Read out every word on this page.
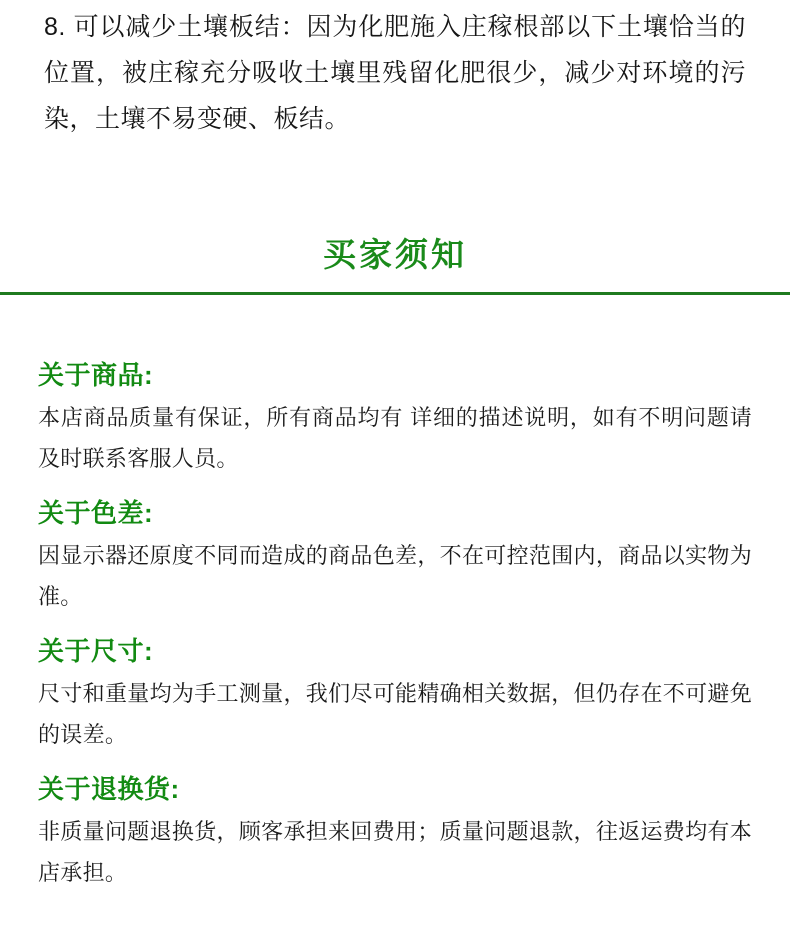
8. 可以减少土壤板结：因为化肥施入庄稼根部以下土壤恰当的位置，被庄稼充分吸收土壤里残留化肥很少，减少对环境的污染，土壤不易变硬、板结。

买家须知
关于商品:
本店商品质量有保证，所有商品均有 详细的描述说明，如有不明问题请及时联系客服人员。
关于色差:
因显示器还原度不同而造成的商品色差，不在可控范围内，商品以实物为准。
关于尺寸:
尺寸和重量均为手工测量，我们尽可能精确相关数据，但仍存在不可避免的误差。
关于退换货:
非质量问题退换货，顾客承担来回费用；质量问题退款，往返运费均有本店承担。
